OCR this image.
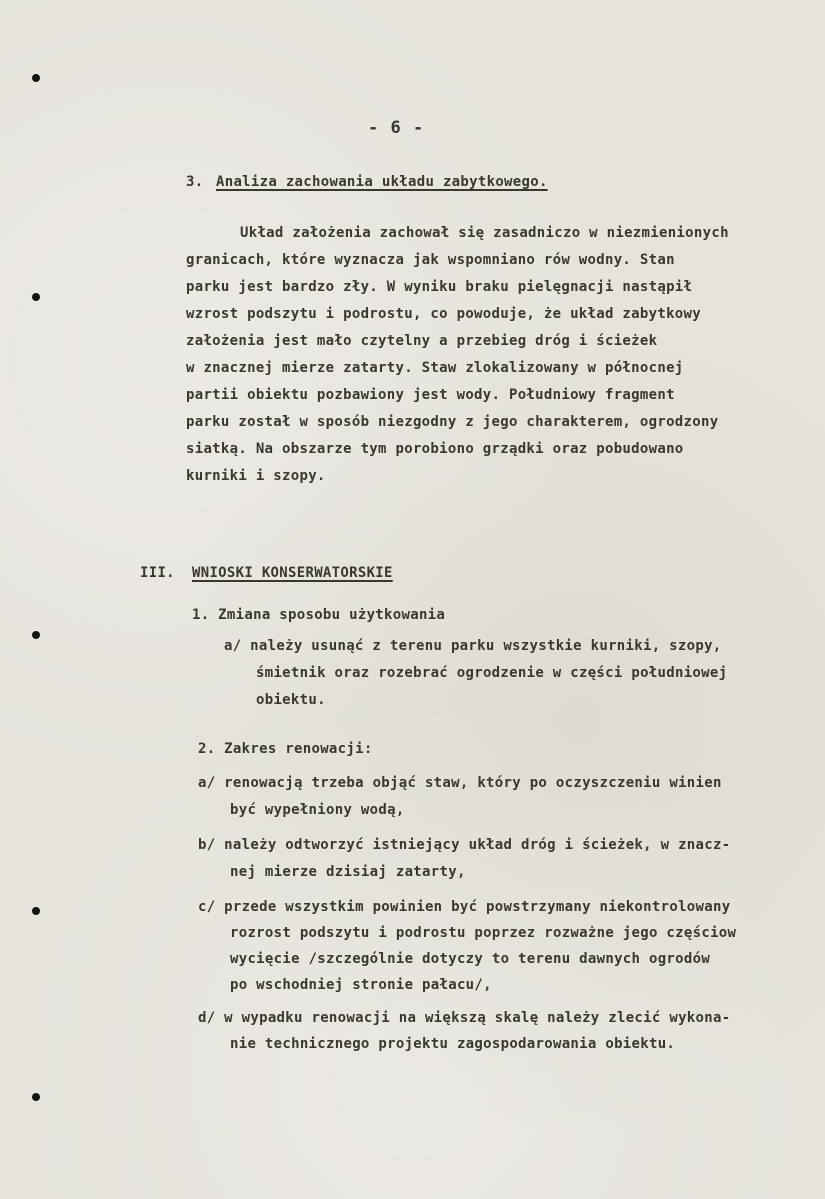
- 6 -
3. Analiza zachowania układu zabytkowego.
Układ założenia zachował się zasadniczo w niezmienionych
granicach, które wyznacza jak wspomniano rów wodny. Stan
parku jest bardzo zły. W wyniku braku pielęgnacji nastąpił
wzrost podszytu i podrostu, co powoduje, że układ zabytkowy
założenia jest mało czytelny a przebieg dróg i ścieżek
w znacznej mierze zatarty. Staw zlokalizowany w północnej
partii obiektu pozbawiony jest wody. Południowy fragment
parku został w sposób niezgodny z jego charakterem, ogrodzony
siatką. Na obszarze tym porobiono grządki oraz pobudowano
kurniki i szopy.
III. WNIOSKI KONSERWATORSKIE
1. Zmiana sposobu użytkowania
a/ należy usunąć z terenu parku wszystkie kurniki, szopy,
śmietnik oraz rozebrać ogrodzenie w części południowej
obiektu.
2. Zakres renowacji:
a/ renowacją trzeba objąć staw, który po oczyszczeniu winien
być wypełniony wodą,
b/ należy odtworzyć istniejący układ dróg i ścieżek, w znacz-
nej mierze dzisiaj zatarty,
c/ przede wszystkim powinien być powstrzymany niekontrolowany
rozrost podszytu i podrostu poprzez rozważne jego częściow
wycięcie /szczególnie dotyczy to terenu dawnych ogrodów
po wschodniej stronie pałacu/,
d/ w wypadku renowacji na większą skalę należy zlecić wykona-
nie technicznego projektu zagospodarowania obiektu.
